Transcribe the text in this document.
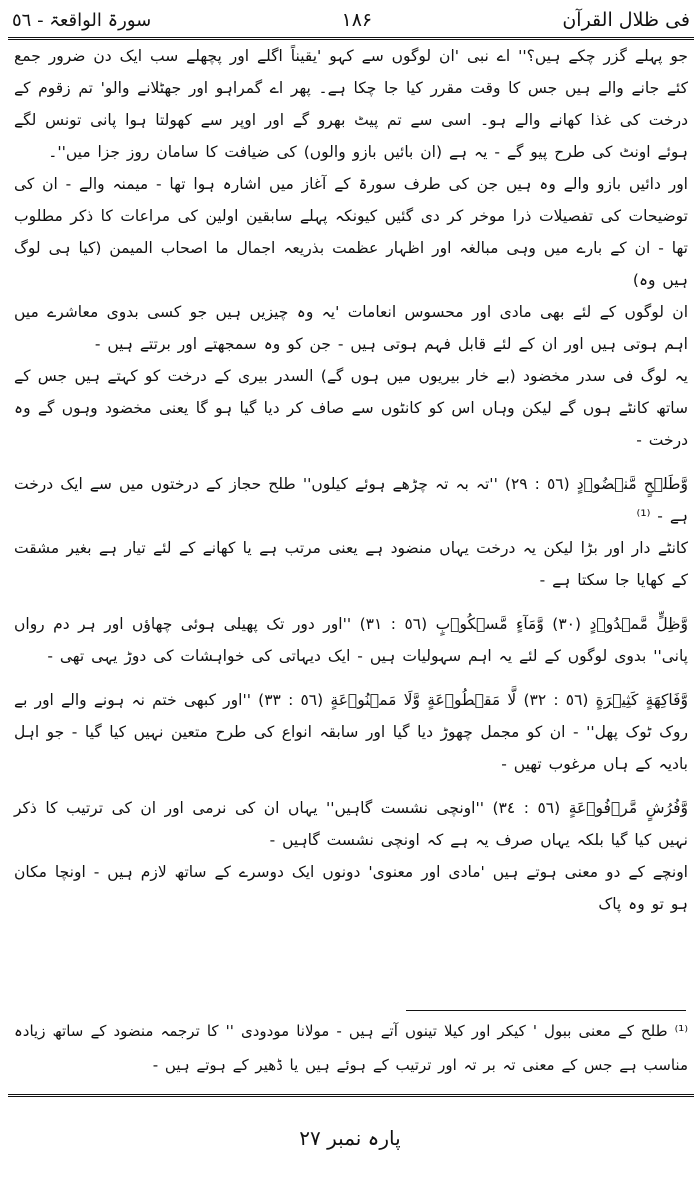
سورۃ الواقعۃ - ٥٦	۱۸۶	فی ظلال القرآن

جو پہلے گزر چکے ہیں؟'' اے نبی 'ان لوگوں سے کہو 'یقیناً اگلے اور پچھلے سب ایک دن ضرور جمع کئے جانے والے ہیں جس کا وقت مقرر کیا جا چکا ہے۔ پھر اے گمراہو اور جھٹلانے والو' تم زقوم کے درخت کی غذا کھانے والے ہو۔ اسی سے تم پیٹ بھرو گے اور اوپر سے کھولتا ہوا پانی تونس لگے ہوئے اونٹ کی طرح پیو گے - یہ ہے (ان بائیں بازو والوں) کی ضیافت کا سامان روز جزا میں''۔

اور دائیں بازو والے وہ ہیں جن کی طرف سورۃ کے آغاز میں اشارہ ہوا تھا - میمنہ والے - ان کی توضیحات کی تفصیلات ذرا موخر کر دی گئیں کیونکہ پہلے سابقین اولین کی مراعات کا ذکر مطلوب تھا - ان کے بارے میں وہی مبالغہ اور اظہار عظمت بذریعہ اجمال ما اصحاب المیمن (کیا ہی لوگ ہیں وہ)

ان لوگوں کے لئے بھی مادی اور محسوس انعامات 'یہ وہ چیزیں ہیں جو کسی بدوی معاشرے میں اہم ہوتی ہیں اور ان کے لئے قابل فہم ہوتی ہیں - جن کو وہ سمجھتے اور برتتے ہیں -

یہ لوگ فی سدر مخضود (بے خار بیریوں میں ہوں گے) السدر بیری کے درخت کو کہتے ہیں جس کے ساتھ کانٹے ہوں گے لیکن وہاں اس کو کانٹوں سے صاف کر دیا گیا ہو گا یعنی مخضود وہوں گے وہ درخت -

وَّطَلۡحٍ مَّنۡضُوۡدٍ (٥٦ : ٢٩) ''تہ بہ تہ چڑھے ہوئے کیلوں'' طلح حجاز کے درختوں میں سے ایک درخت ہے - ⁽¹⁾

کانٹے دار اور بڑا لیکن یہ درخت یہاں منضود ہے یعنی مرتب ہے یا کھانے کے لئے تیار ہے بغیر مشقت کے کھایا جا سکتا ہے -

وَّظِلٍّ مَّمۡدُوۡدٍ (٣٠) وَّمَآءٍ مَّسۡكُوۡبٍ (٥٦ : ٣١) ''اور دور تک پھیلی ہوئی چھاؤں اور ہر دم رواں پانی'' بدوی لوگوں کے لئے یہ اہم سہولیات ہیں - ایک دیہاتی کی خواہشات کی دوڑ یہی تھی -

وَّفَاكِهَةٍ كَثِيۡرَةٍ (٥٦ : ٣٢) لَّا مَقۡطُوۡعَةٍ وَّلَا مَمۡنُوۡعَةٍ (٥٦ : ٣٣) ''اور کبھی ختم نہ ہونے والے اور بے روک ٹوک پھل'' - ان کو مجمل چھوڑ دیا گیا اور سابقہ انواع کی طرح متعین نہیں کیا گیا - جو اہل بادیہ کے ہاں مرغوب تھیں -

وَّفُرُشٍ مَّرۡفُوۡعَةٍ (٥٦ : ٣٤) ''اونچی نشست گاہیں'' یہاں ان کی نرمی اور ان کی ترتیب کا ذکر نہیں کیا گیا بلکہ یہاں صرف یہ ہے کہ اونچی نشست گاہیں -

اونچے کے دو معنی ہوتے ہیں 'مادی اور معنوی' دونوں ایک دوسرے کے ساتھ لازم ہیں - اونچا مکان ہو تو وہ پاک

⁽¹⁾ طلح کے معنی ببول ' کیکر اور کیلا تینوں آتے ہیں - مولانا مودودی '' کا ترجمہ منضود کے ساتھ زیادہ مناسب ہے جس کے معنی تہ بر تہ اور ترتیب کے ہوئے ہیں یا ڈھیر کے ہوتے ہیں -

پارہ نمبر ۲۷
